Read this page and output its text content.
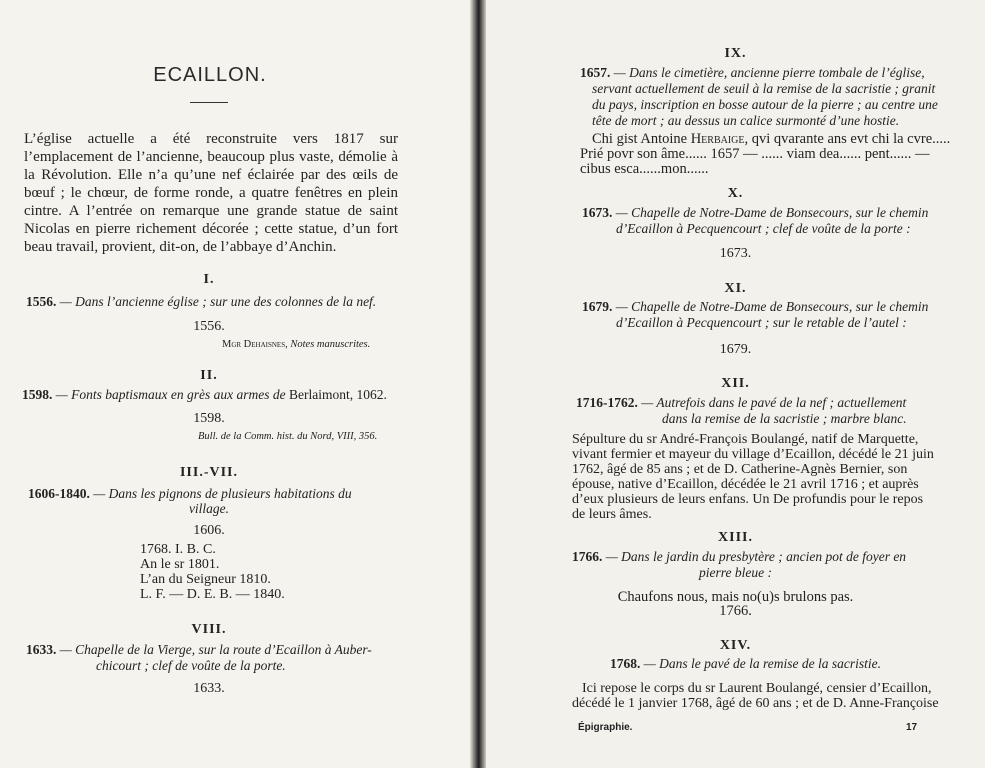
ECAILLON.
L’église actuelle a été reconstruite vers 1817 sur l’emplacement de l’ancienne, beaucoup plus vaste, démolie à la Révolution. Elle n’a qu’une nef éclairée par des œils de bœuf ; le chœur, de forme ronde, a quatre fenêtres en plein cintre. A l’entrée on remarque une grande statue de saint Nicolas en pierre richement décorée ; cette statue, d’un fort beau travail, provient, dit-on, de l’abbaye d’Anchin.
I.
1556. — Dans l’ancienne église ; sur une des colonnes de la nef.
1556.
Mgr Dehaisnes, Notes manuscrites.
II.
1598. — Fonts baptismaux en grès aux armes de Berlaimont, 1062.
1598.
Bull. de la Comm. hist. du Nord, VIII, 356.
III.-VII.
1606-1840. — Dans les pignons de plusieurs habitations du
village.
1606.
1768. I. B. C.
An le sr 1801.
L’an du Seigneur 1810.
L. F. — D. E. B. — 1840.
VIII.
1633. — Chapelle de la Vierge, sur la route d’Ecaillon à Auber-
chicourt ; clef de voûte de la porte.
1633.
IX.
1657. — Dans le cimetière, ancienne pierre tombale de l’église,
servant actuellement de seuil à la remise de la sacristie ; granit
du pays, inscription en bosse autour de la pierre ; au centre une
tête de mort ; au dessus un calice surmonté d’une hostie.
Chi gist Antoine Herbaige, qvi qvarante ans evt chi la cvre.....
Prié povr son âme...... 1657 — ...... viam dea...... pent...... —
cibus esca......mon......
X.
1673. — Chapelle de Notre-Dame de Bonsecours, sur le chemin
d’Ecaillon à Pecquencourt ; clef de voûte de la porte :
1673.
XI.
1679. — Chapelle de Notre-Dame de Bonsecours, sur le chemin
d’Ecaillon à Pecquencourt ; sur le retable de l’autel :
1679.
XII.
1716-1762. — Autrefois dans le pavé de la nef ; actuellement
dans la remise de la sacristie ; marbre blanc.
Sépulture du sr André-François Boulangé, natif de Marquette,
vivant fermier et mayeur du village d’Ecaillon, décédé le 21 juin
1762, âgé de 85 ans ; et de D. Catherine-Agnès Bernier, son
épouse, native d’Ecaillon, décédée le 21 avril 1716 ; et auprès
d’eux plusieurs de leurs enfans. Un De profundis pour le repos
de leurs âmes.
XIII.
1766. — Dans le jardin du presbytère ; ancien pot de foyer en
pierre bleue :
Chaufons nous, mais no(u)s brulons pas.
1766.
XIV.
1768. — Dans le pavé de la remise de la sacristie.
Ici repose le corps du sr Laurent Boulangé, censier d’Ecaillon,
décédé le 1 janvier 1768, âgé de 60 ans ; et de D. Anne-Françoise
Épigraphie.	17
